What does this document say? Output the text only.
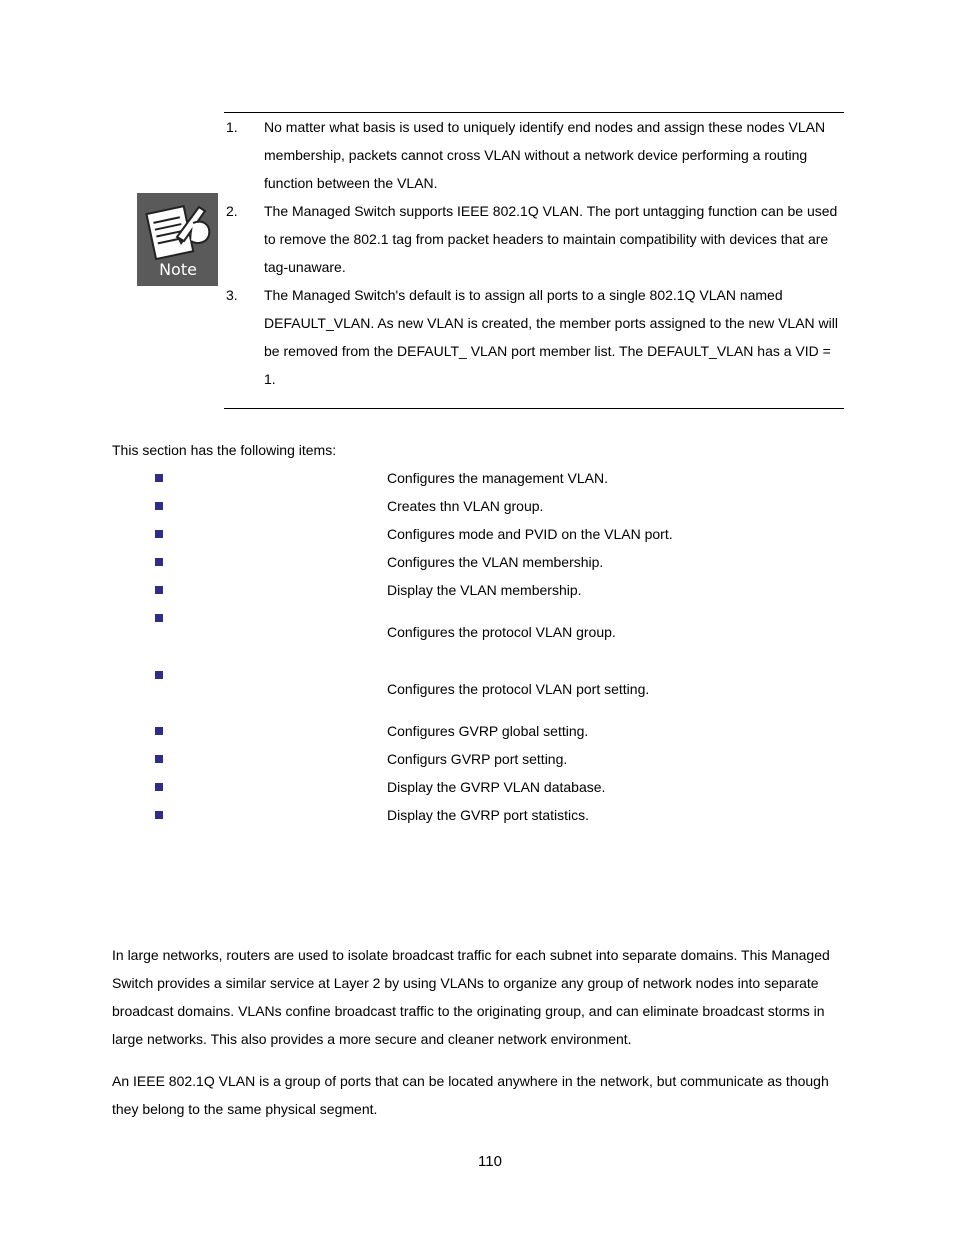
Note
1. No matter what basis is used to uniquely identify end nodes and assign these nodes VLAN membership, packets cannot cross VLAN without a network device performing a routing function between the VLAN.
2. The Managed Switch supports IEEE 802.1Q VLAN. The port untagging function can be used to remove the 802.1 tag from packet headers to maintain compatibility with devices that are tag-unaware.
3. The Managed Switch's default is to assign all ports to a single 802.1Q VLAN named DEFAULT_VLAN. As new VLAN is created, the member ports assigned to the new VLAN will be removed from the DEFAULT_ VLAN port member list. The DEFAULT_VLAN has a VID = 1.
This section has the following items:
Configures the management VLAN.
Creates thn VLAN group.
Configures mode and PVID on the VLAN port.
Configures the VLAN membership.
Display the VLAN membership.
Configures the protocol VLAN group.
Configures the protocol VLAN port setting.
Configures GVRP global setting.
Configurs GVRP port setting.
Display the GVRP VLAN database.
Display the GVRP port statistics.

In large networks, routers are used to isolate broadcast traffic for each subnet into separate domains. This Managed Switch provides a similar service at Layer 2 by using VLANs to organize any group of network nodes into separate broadcast domains. VLANs confine broadcast traffic to the originating group, and can eliminate broadcast storms in large networks. This also provides a more secure and cleaner network environment.

An IEEE 802.1Q VLAN is a group of ports that can be located anywhere in the network, but communicate as though they belong to the same physical segment.

110
